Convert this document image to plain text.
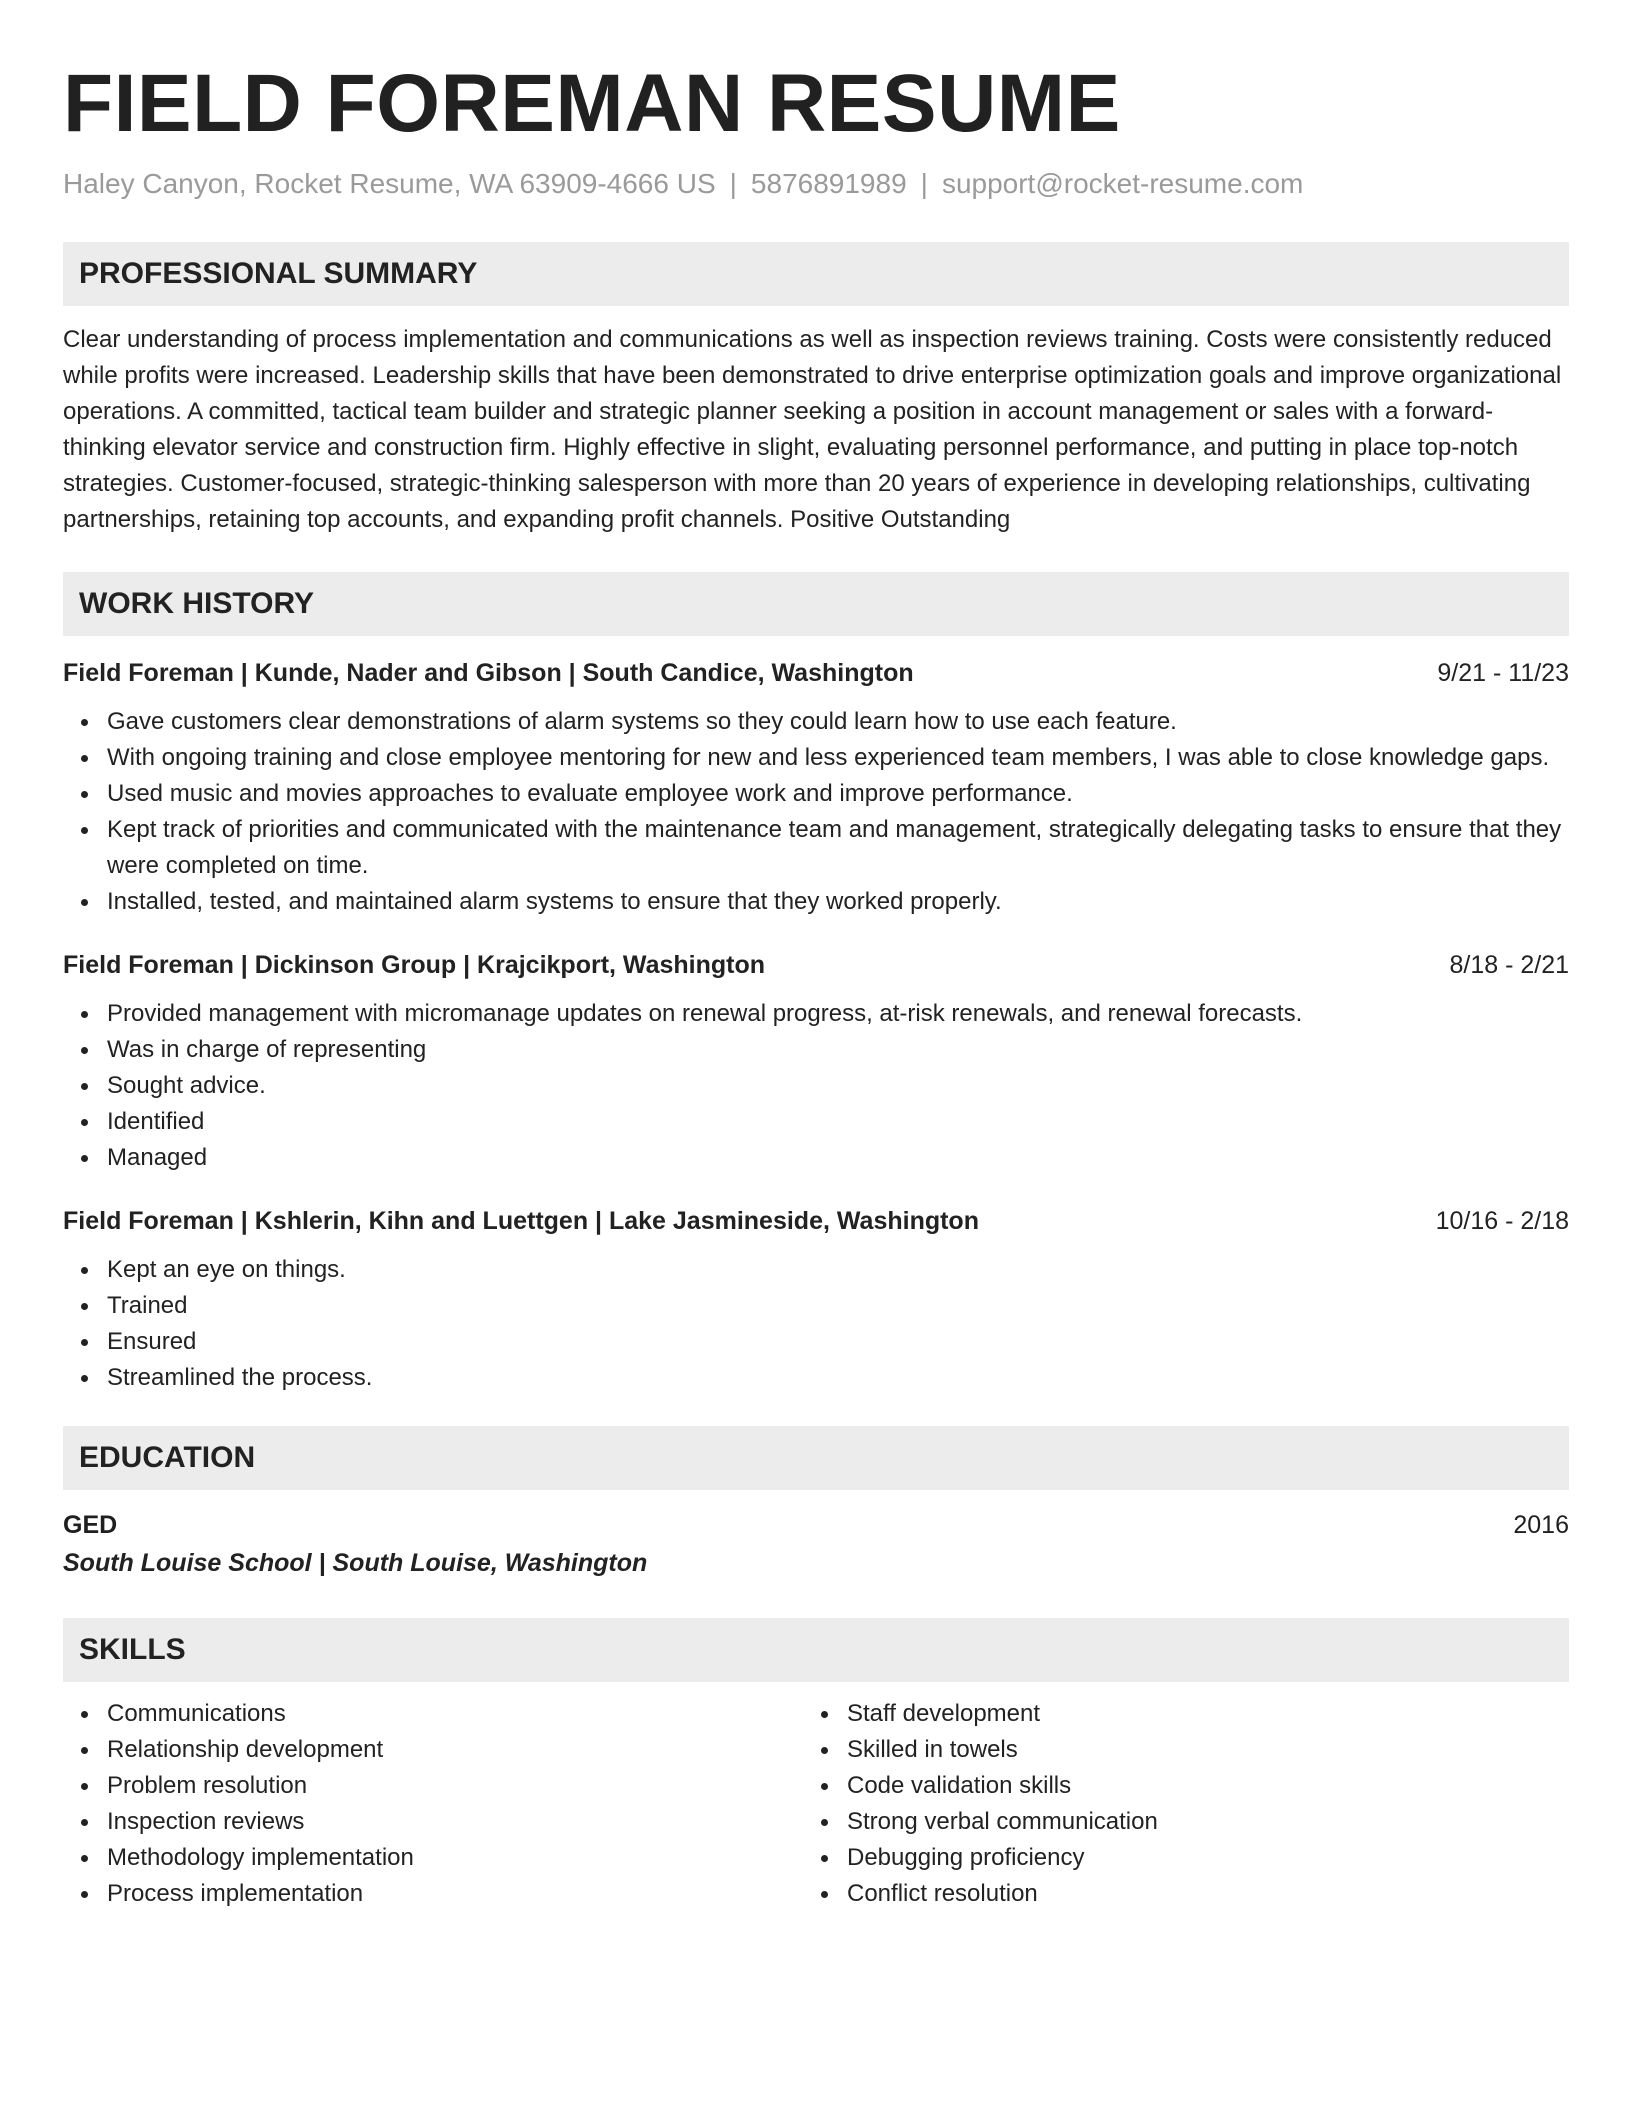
FIELD FOREMAN RESUME
Haley Canyon, Rocket Resume, WA 63909-4666 US | 5876891989 | support@rocket-resume.com
PROFESSIONAL SUMMARY

Clear understanding of process implementation and communications as well as inspection reviews training. Costs were consistently reduced while profits were increased. Leadership skills that have been demonstrated to drive enterprise optimization goals and improve organizational operations. A committed, tactical team builder and strategic planner seeking a position in account management or sales with a forward-thinking elevator service and construction firm. Highly effective in slight, evaluating personnel performance, and putting in place top-notch strategies. Customer-focused, strategic-thinking salesperson with more than 20 years of experience in developing relationships, cultivating partnerships, retaining top accounts, and expanding profit channels. Positive Outstanding

WORK HISTORY
Field Foreman | Kunde, Nader and Gibson | South Candice, Washington	9/21 - 11/23
Gave customers clear demonstrations of alarm systems so they could learn how to use each feature.
With ongoing training and close employee mentoring for new and less experienced team members, I was able to close knowledge gaps.
Used music and movies approaches to evaluate employee work and improve performance.
Kept track of priorities and communicated with the maintenance team and management, strategically delegating tasks to ensure that they were completed on time.
Installed, tested, and maintained alarm systems to ensure that they worked properly.
Field Foreman | Dickinson Group | Krajcikport, Washington	8/18 - 2/21
Provided management with micromanage updates on renewal progress, at-risk renewals, and renewal forecasts.
Was in charge of representing
Sought advice.
Identified
Managed
Field Foreman | Kshlerin, Kihn and Luettgen | Lake Jasmineside, Washington	10/16 - 2/18
Kept an eye on things.
Trained
Ensured
Streamlined the process.
EDUCATION
GED	2016
South Louise School | South Louise, Washington
SKILLS
Communications
Relationship development
Problem resolution
Inspection reviews
Methodology implementation
Process implementation
Staff development
Skilled in towels
Code validation skills
Strong verbal communication
Debugging proficiency
Conflict resolution
